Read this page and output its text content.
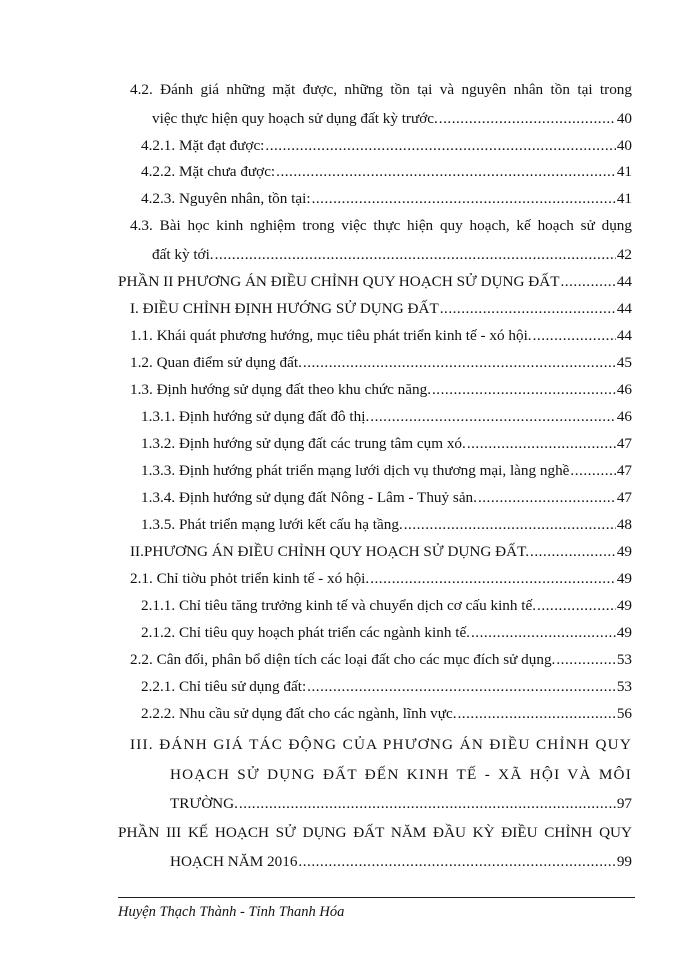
4.2. Đánh giá những mặt được, những tồn tại và nguyên nhân tồn tại trong
việc thực hiện quy hoạch sử dụng đất kỳ trước. .....	40
4.2.1. Mặt đạt được: .....	40
4.2.2. Mặt chưa được: .....	41
4.2.3. Nguyên nhân, tồn tại: .....	41
4.3. Bài học kinh nghiệm trong việc thực hiện quy hoạch, kế hoạch sử dụng
đất kỳ tới. .....	42
PHẦN II PHƯƠNG ÁN ĐIỀU CHỈNH QUY HOẠCH SỬ DỤNG ĐẤT .....	44
I. ĐIỀU CHỈNH ĐỊNH HƯỚNG SỬ DỤNG ĐẤT .....	44
1.1. Khái quát phương hướng, mục tiêu phát triển kinh tế - xó hội. .....	44
1.2. Quan điểm sử dụng đất. .....	45
1.3. Định hướng sử dụng đất theo khu chức năng. .....	46
1.3.1. Định hướng sử dụng đất đô thị. .....	46
1.3.2. Định hướng sử dụng đất các trung tâm cụm xó. .....	47
1.3.3. Định hướng phát triển mạng lưới dịch vụ thương mại, làng nghề .....	47
1.3.4. Định hướng sử dụng đất Nông - Lâm - Thuỷ sản. .....	47
1.3.5. Phát triển mạng lưới kết cấu hạ tầng. .....	48
II.PHƯƠNG ÁN ĐIỀU CHỈNH QUY HOẠCH SỬ DỤNG ĐẤT. .....	49
2.1. Chỉ tiờu phỏt triển kinh tế - xó hội. .....	49
2.1.1. Chỉ tiêu tăng trưởng kinh tế và chuyển dịch cơ cấu kinh tế. .....	49
2.1.2. Chỉ tiêu quy hoạch phát triển các ngành kinh tế. .....	49
2.2. Cân đối, phân bổ diện tích các loại đất cho các mục đích sử dụng. .....	53
2.2.1. Chỉ tiêu sử dụng đất: .....	53
2.2.2. Nhu cầu sử dụng đất cho các ngành, lĩnh vực. .....	56
III. ĐÁNH GIÁ TÁC ĐỘNG CỦA PHƯƠNG ÁN ĐIỀU CHỈNH QUY
HOẠCH SỬ DỤNG ĐẤT ĐẾN KINH TẾ - XÃ HỘI VÀ MÔI
TRƯỜNG. .....	97
PHẦN III KẾ HOẠCH SỬ DỤNG ĐẤT NĂM ĐẦU KỲ ĐIỀU CHỈNH QUY
HOẠCH NĂM 2016 .....	99
Huyện Thạch Thành - Tỉnh Thanh Hóa
